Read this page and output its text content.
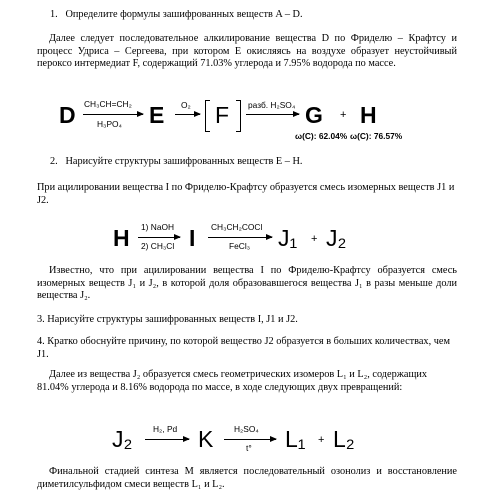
1. Определите формулы зашифрованных веществ A – D.

Далее следует последовательное алкилирование вещества D по Фриделю – Крафтсу и процесс Удриса – Сергеева, при котором E окисляясь на воздухе образует неустойчивый пероксо интермедиат F, содержащий 71.03% углерода и 7.95% водорода по массе.

D CH₃CH=CH₂
H₃PO₄ E O₂ F разб. H₂SO₄ G + H
ω(C): 62.04% ω(C): 76.57%

2. Нарисуйте структуры зашифрованных веществ E – H.

При ацилировании вещества I по Фриделю-Крафтсу образуется смесь изомерных веществ J1 и J2.

H 1) NaOH
2) CH₃Cl I CH₃CH₂COCl
FeCl₃ J₁ + J₂

Известно, что при ацилировании вещества I по Фриделю-Крафтсу образуется смесь изомерных веществ J₁ и J₂, в которой доля образовавшегося вещества J₁ в разы меньше доли вещества J₂.

3. Нарисуйте структуры зашифрованных веществ I, J1 и J2.

4. Кратко обоснуйте причину, по которой вещество J2 образуется в больших количествах, чем J1.

Далее из вещества J₂ образуется смесь геометрических изомеров L₁ и L₂, содержащих 81.04% углерода и 8.16% водорода по массе, в ходе следующих двух превращений:

J₂ H₂, Pd K H₂SO₄
t° L₁ + L₂

Финальной стадией синтеза M является последовательный озонолиз и восстановление диметилсульфидом смеси веществ L₁ и L₂.
